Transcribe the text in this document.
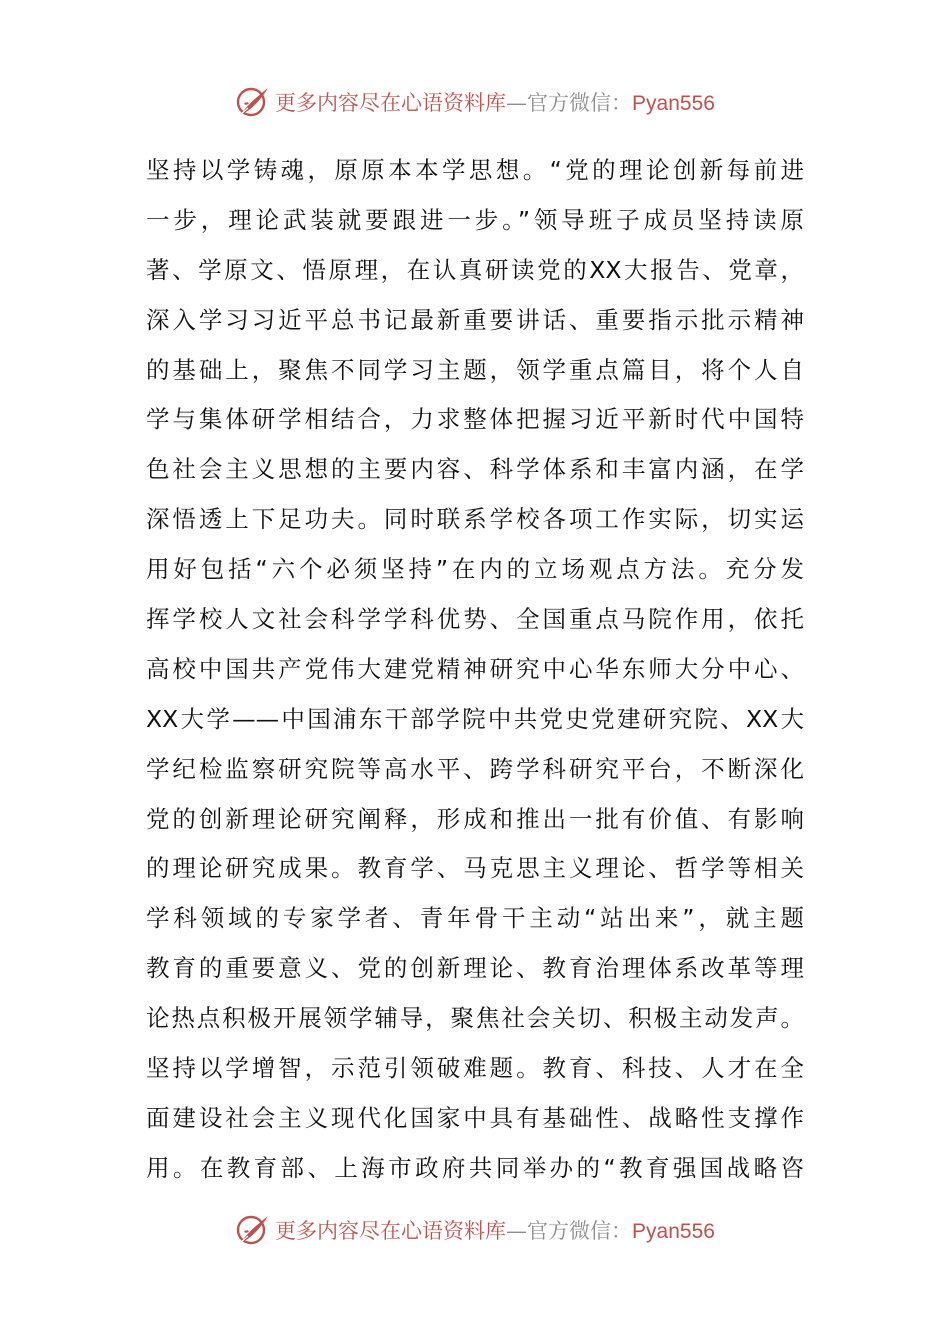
更多内容尽在心语资料库—官方微信：Pyan556
坚持以学铸魂，原原本本学思想。“党的理论创新每前进
一步，理论武装就要跟进一步。”领导班子成员坚持读原
著、学原文、悟原理，在认真研读党的XX大报告、党章，
深入学习习近平总书记最新重要讲话、重要指示批示精神
的基础上，聚焦不同学习主题，领学重点篇目，将个人自
学与集体研学相结合，力求整体把握习近平新时代中国特
色社会主义思想的主要内容、科学体系和丰富内涵，在学
深悟透上下足功夫。同时联系学校各项工作实际，切实运
用好包括“六个必须坚持”在内的立场观点方法。充分发
挥学校人文社会科学学科优势、全国重点马院作用，依托
高校中国共产党伟大建党精神研究中心华东师大分中心、
XX大学——中国浦东干部学院中共党史党建研究院、XX大
学纪检监察研究院等高水平、跨学科研究平台，不断深化
党的创新理论研究阐释，形成和推出一批有价值、有影响
的理论研究成果。教育学、马克思主义理论、哲学等相关
学科领域的专家学者、青年骨干主动“站出来”，就主题
教育的重要意义、党的创新理论、教育治理体系改革等理
论热点积极开展领学辅导，聚焦社会关切、积极主动发声。
坚持以学增智，示范引领破难题。教育、科技、人才在全
面建设社会主义现代化国家中具有基础性、战略性支撑作
用。在教育部、上海市政府共同举办的“教育强国战略咨
更多内容尽在心语资料库—官方微信：Pyan556
